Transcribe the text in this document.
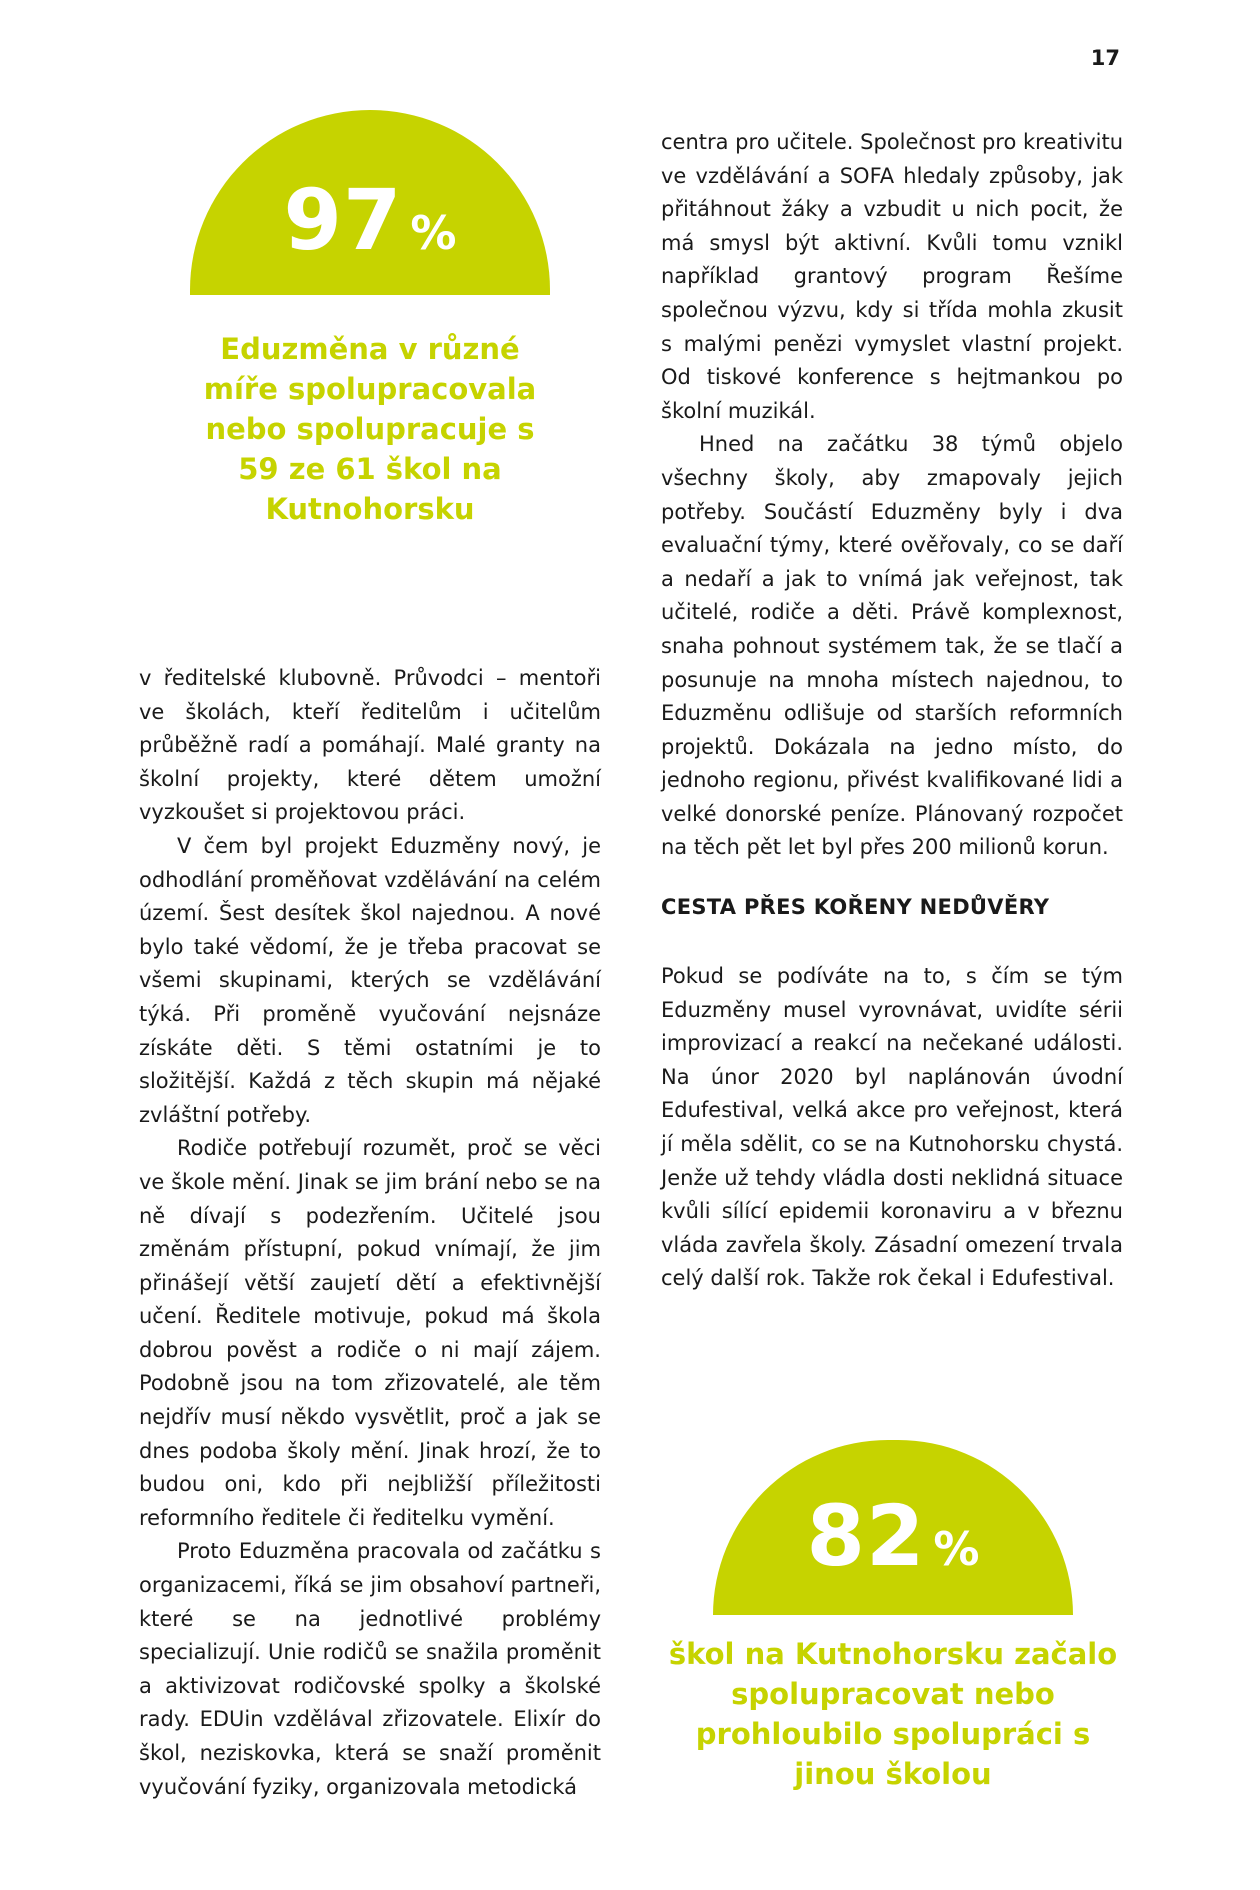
17
97 %
Eduzměna v různé míře spolupracovala nebo spolupracuje s 59 ze 61 škol na Kutnohorsku

v ředitelské klubovně. Průvodci – mentoři ve školách, kteří ředitelům i učitelům průběžně radí a pomáhají. Malé granty na školní projekty, které dětem umožní vyzkoušet si projektovou práci.

V čem byl projekt Eduzměny nový, je odhodlání proměňovat vzdělávání na celém území. Šest desítek škol najednou. A nové bylo také vědomí, že je třeba pracovat se všemi skupinami, kterých se vzdělávání týká. Při proměně vyučování nejsnáze získáte děti. S těmi ostatními je to složitější. Každá z těch skupin má nějaké zvláštní potřeby.

Rodiče potřebují rozumět, proč se věci ve škole mění. Jinak se jim brání nebo se na ně dívají s podezřením. Učitelé jsou změnám přístupní, pokud vnímají, že jim přinášejí větší zaujetí dětí a efektivnější učení. Ředitele motivuje, pokud má škola dobrou pověst a rodiče o ni mají zájem. Podobně jsou na tom zřizovatelé, ale těm nejdřív musí někdo vysvětlit, proč a jak se dnes podoba školy mění. Jinak hrozí, že to budou oni, kdo při nejbližší příležitosti reformního ředitele či ředitelku vymění.

Proto Eduzměna pracovala od začátku s organizacemi, říká se jim obsahoví partneři, které se na jednotlivé problémy specializují. Unie rodičů se snažila proměnit a aktivizovat rodičovské spolky a školské rady. EDUin vzdělával zřizovatele. Elixír do škol, neziskovka, která se snaží proměnit vyučování fyziky, organizovala metodická

centra pro učitele. Společnost pro kreativitu ve vzdělávání a SOFA hledaly způsoby, jak přitáhnout žáky a vzbudit u nich pocit, že má smysl být aktivní. Kvůli tomu vznikl například grantový program Řešíme společnou výzvu, kdy si třída mohla zkusit s malými penězi vymyslet vlastní projekt. Od tiskové konference s hejtmankou po školní muzikál.

Hned na začátku 38 týmů objelo všechny školy, aby zmapovaly jejich potřeby. Součástí Eduzměny byly i dva evaluační týmy, které ověřovaly, co se daří a nedaří a jak to vnímá jak veřejnost, tak učitelé, rodiče a děti. Právě komplexnost, snaha pohnout systémem tak, že se tlačí a posunuje na mnoha místech najednou, to Eduzměnu odlišuje od starších reformních projektů. Dokázala na jedno místo, do jednoho regionu, přivést kvalifikované lidi a velké donorské peníze. Plánovaný rozpočet na těch pět let byl přes 200 milionů korun.

CESTA PŘES KOŘENY NEDŮVĚRY

Pokud se podíváte na to, s čím se tým Eduzměny musel vyrovnávat, uvidíte sérii improvizací a reakcí na nečekané události. Na únor 2020 byl naplánován úvodní Edufestival, velká akce pro veřejnost, která jí měla sdělit, co se na Kutnohorsku chystá. Jenže už tehdy vládla dosti neklidná situace kvůli sílící epidemii koronaviru a v březnu vláda zavřela školy. Zásadní omezení trvala celý další rok. Takže rok čekal i Edufestival.

82 %
škol na Kutnohorsku začalo spolupracovat nebo prohloubilo spolupráci s jinou školou
